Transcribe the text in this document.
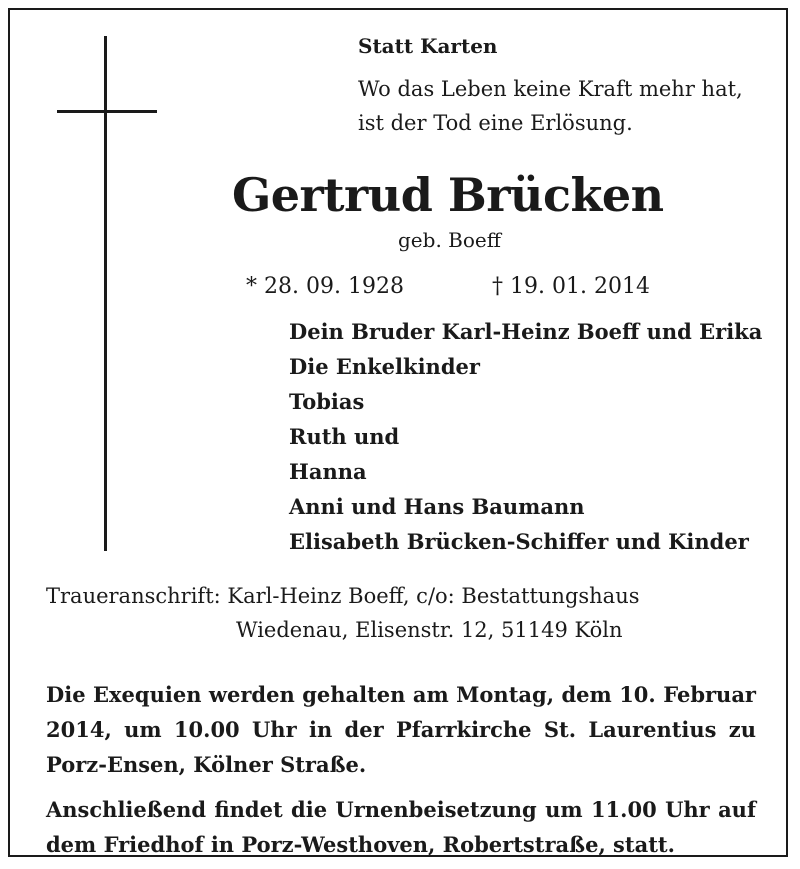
Statt Karten
Wo das Leben keine Kraft mehr hat,
ist der Tod eine Erlösung.
Gertrud Brücken
geb. Boeff
* 28. 09. 1928	† 19. 01. 2014
Dein Bruder Karl-Heinz Boeff und Erika
Die Enkelkinder
Tobias
Ruth und
Hanna
Anni und Hans Baumann
Elisabeth Brücken-Schiffer und Kinder
Traueranschrift: Karl-Heinz Boeff, c/o: Bestattungshaus
Wiedenau, Elisenstr. 12, 51149 Köln

Die Exequien werden gehalten am Montag, dem 10. Februar 2014, um 10.00 Uhr in der Pfarrkirche St. Laurentius zu Porz-Ensen, Kölner Straße.

Anschließend findet die Urnenbeisetzung um 11.00 Uhr auf dem Friedhof in Porz-Westhoven, Robertstraße, statt.
